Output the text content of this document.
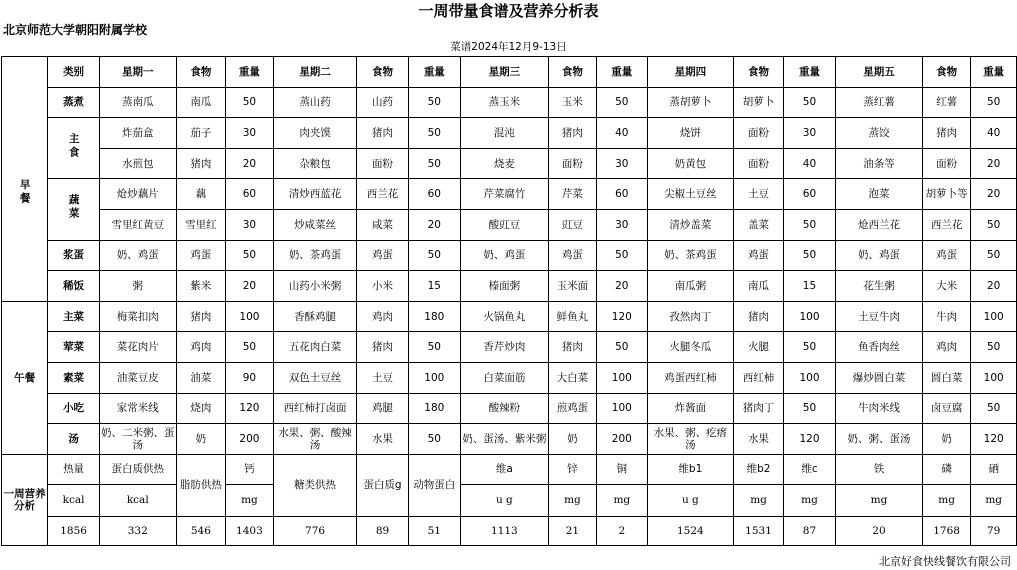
一周带量食谱及营养分析表
北京师范大学朝阳附属学校
菜谱2024年12月9-13日
	类别	星期一	食物	重量	星期二	食物	重量	星期三	食物	重量	星期四	食物	重量	星期五	食物	重量
早餐	蒸煮	蒸南瓜	南瓜	50	蒸山药	山药	50	蒸玉米	玉米	50	蒸胡萝卜	胡萝卜	50	蒸红薯	红薯	50
	主食	炸茄盒	茄子	30	肉夹馍	猪肉	50	混沌	猪肉	40	烧饼	面粉	30	蒸饺	猪肉	40
		水煎包	猪肉	20	杂粮包	面粉	50	烧麦	面粉	30	奶黄包	面粉	40	油条等	面粉	20
	蔬菜	炝炒藕片	藕	60	清炒西蓝花	西兰花	60	芹菜腐竹	芹菜	60	尖椒土豆丝	土豆	60	泡菜	胡萝卜等	20
		雪里红黄豆	雪里红	30	炒咸菜丝	咸菜	20	酸豇豆	豇豆	30	清炒盖菜	盖菜	50	炝西兰花	西兰花	50
	浆蛋	奶、鸡蛋	鸡蛋	50	奶、茶鸡蛋	鸡蛋	50	奶、鸡蛋	鸡蛋	50	奶、茶鸡蛋	鸡蛋	50	奶、鸡蛋	鸡蛋	50
	稀饭	粥	紫米	20	山药小米粥	小米	15	榛面粥	玉米面	20	南瓜粥	南瓜	15	花生粥	大米	20
午餐	主菜	梅菜扣肉	猪肉	100	香酥鸡腿	鸡肉	180	火锅鱼丸	鲜鱼丸	120	孜然肉丁	猪肉	100	土豆牛肉	牛肉	100
	荤菜	菜花肉片	鸡肉	50	五花肉白菜	猪肉	50	香芹炒肉	猪肉	50	火腿冬瓜	火腿	50	鱼香肉丝	鸡肉	50
	素菜	油菜豆皮	油菜	90	双色土豆丝	土豆	100	白菜面筋	大白菜	100	鸡蛋西红柿	西红柿	100	爆炒圆白菜	圆白菜	100
	小吃	家常米线	烧肉	120	西红柿打卤面	鸡腿	180	酸辣粉	煎鸡蛋	100	炸酱面	猪肉丁	50	牛肉米线	卤豆腐	50
	汤	奶、二米粥、蛋汤	奶	200	水果、粥、酸辣汤	水果	50	奶、蛋汤、紫米粥	奶	200	水果、粥、疙瘩汤	水果	120	奶、粥、蛋汤	奶	120
一周营养分析	热量	蛋白质供热	脂肪供热	钙	糖类供热	蛋白质g	动物蛋白	维a	锌	铜	维b1	维b2	维c	铁	磷	硒
	kcal	kcal		mg				u g	mg	mg	u g	mg	mg	mg	mg	mg
	1856	332	546	1403	776	89	51	1113	21	2	1524	1531	87	20	1768	79
北京好食快线餐饮有限公司
